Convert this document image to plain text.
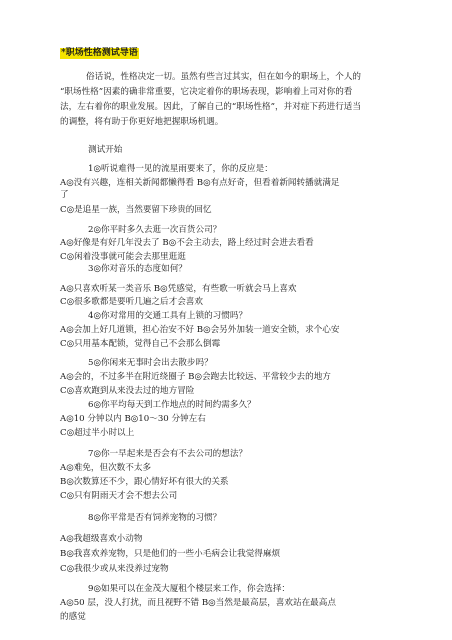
*职场性格测试导语
俗话说，性格决定一切。虽然有些言过其实，但在如今的职场上，个人的
“职场性格”因素的确非常重要，它决定着你的职场表现，影响着上司对你的看
法，左右着你的职业发展。因此，了解自己的“职场性格”，并对症下药进行适当
的调整，将有助于你更好地把握职场机遇。
测试开始
1◎听说难得一见的流星雨要来了，你的反应是：
A◎没有兴趣，连相关新闻都懒得看 B◎有点好奇，但看着新闻转播就满足
了
C◎是追星一族，当然要留下珍贵的回忆
2◎你平时多久去逛一次百货公司？
A◎好像是有好几年没去了 B◎不会主动去，路上经过时会进去看看
C◎闲着没事就可能会去那里逛逛
3◎你对音乐的态度如何？
A◎只喜欢听某一类音乐 B◎凭感觉，有些歌一听就会马上喜欢
C◎很多歌都是要听几遍之后才会喜欢
4◎你对常用的交通工具有上锁的习惯吗？
A◎会加上好几道锁，担心治安不好 B◎会另外加装一道安全锁，求个心安
C◎只用基本配锁，觉得自己不会那么倒霉
5◎你闲来无事时会出去散步吗？
A◎会的，不过多半在附近绕圈子 B◎会跑去比较远、平常较少去的地方
C◎喜欢跑到从来没去过的地方冒险
6◎你平均每天到工作地点的时间约需多久？
A◎10 分钟以内 B◎10～30 分钟左右
C◎超过半小时以上
7◎你一早起来是否会有不去公司的想法？
A◎难免，但次数不太多
B◎次数算还不少，跟心情好坏有很大的关系
C◎只有阴雨天才会不想去公司
8◎你平常是否有饲养宠物的习惯？
A◎我超级喜欢小动物
B◎我喜欢养宠物，只是他们的一些小毛病会让我觉得麻烦
C◎我很少或从来没养过宠物
9◎如果可以在金茂大厦租个楼层来工作，你会选择：
A◎50 层，没人打扰，而且视野不错 B◎当然是最高层，喜欢站在最高点
的感觉
